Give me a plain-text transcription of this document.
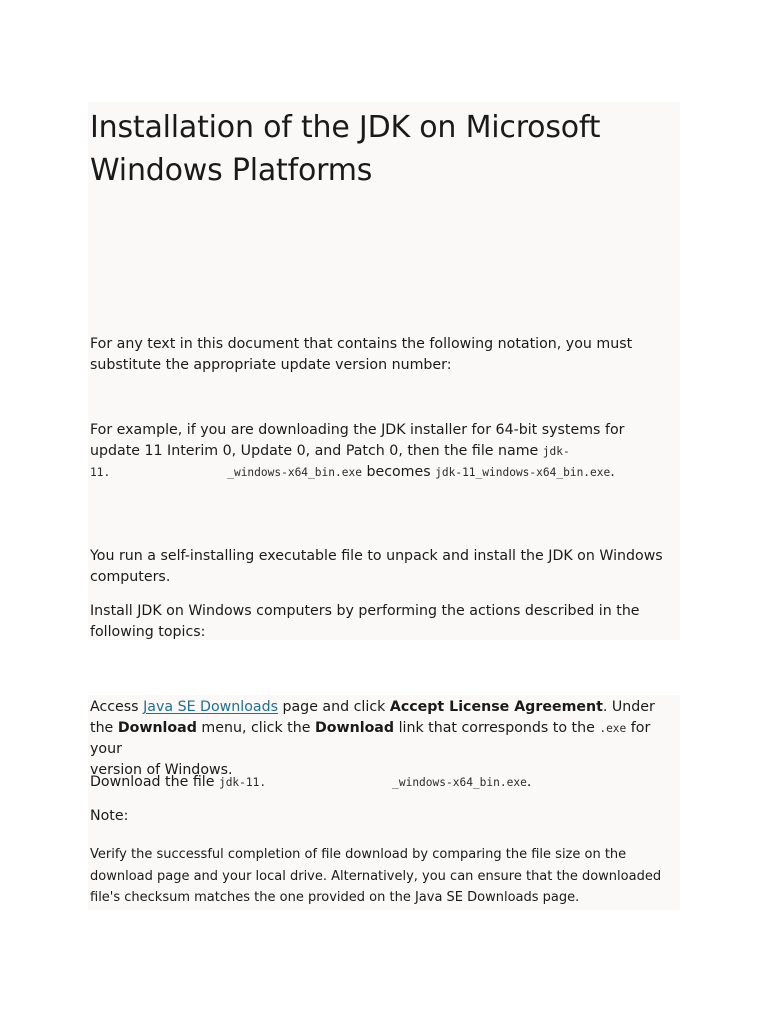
Installation of the JDK on Microsoft Windows Platforms

For any text in this document that contains the following notation, you must substitute the appropriate update version number:

For example, if you are downloading the JDK installer for 64-bit systems for
update 11 Interim 0, Update 0, and Patch 0, then the file name jdk-
11.	_windows-x64_bin.exe becomes jdk-11_windows-x64_bin.exe.

You run a self-installing executable file to unpack and install the JDK on Windows computers.

Install JDK on Windows computers by performing the actions described in the following topics:

Access Java SE Downloads page and click Accept License Agreement. Under
the Download menu, click the Download link that corresponds to the .exe for your
version of Windows.

Download the file jdk-11.	_windows-x64_bin.exe.

Note:

Verify the successful completion of file download by comparing the file size on the download page and your local drive. Alternatively, you can ensure that the downloaded file's checksum matches the one provided on the Java SE Downloads page.
